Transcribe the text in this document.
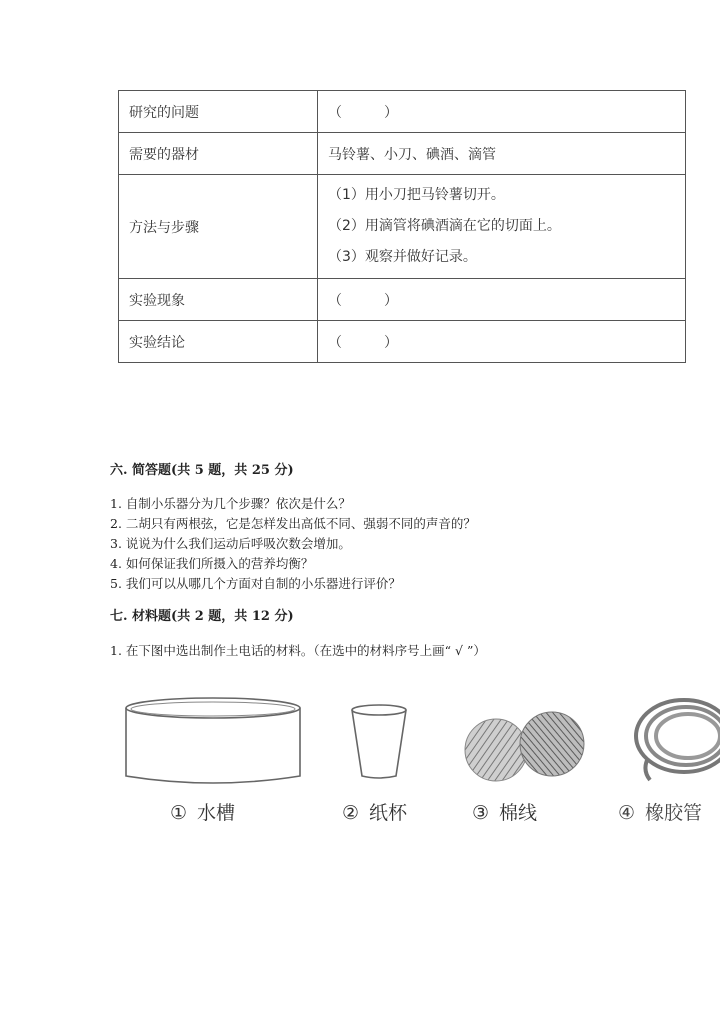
研究的问题	（　　　）
需要的器材	马铃薯、小刀、碘酒、滴管
方法与步骤	（1）用小刀把马铃薯切开。
（2）用滴管将碘酒滴在它的切面上。
（3）观察并做好记录。

实验现象	（　　　）
实验结论	（　　　）
六. 简答题(共 5 题，共 25 分)
1. 自制小乐器分为几个步骤？依次是什么？
2. 二胡只有两根弦，它是怎样发出高低不同、强弱不同的声音的？
3. 说说为什么我们运动后呼吸次数会增加。
4. 如何保证我们所摄入的营养均衡？
5. 我们可以从哪几个方面对自制的小乐器进行评价？
七. 材料题(共 2 题，共 12 分)
1. 在下图中选出制作土电话的材料。（在选中的材料序号上画“ √ ”）
① 水槽	② 纸杯	③ 棉线	④ 橡胶管
